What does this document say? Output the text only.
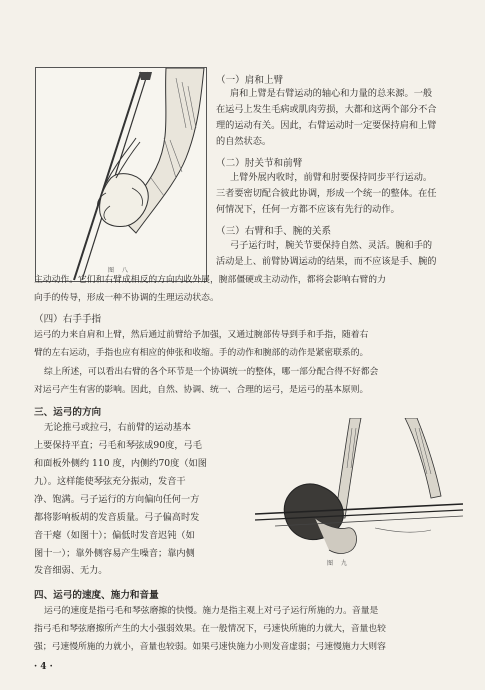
图 八
（一）肩和上臂
肩和上臂是右臂运动的轴心和力量的总来源。一般
在运弓上发生毛病或肌肉劳损，大都和这两个部分不合
理的运动有关。因此，右臂运动时一定要保持肩和上臂
的自然状态。
（二）肘关节和前臂
上臂外展内收时，前臂和肘要保持同步平行运动。
三者要密切配合彼此协调，形成一个统一的整体。在任
何情况下，任何一方都不应该有先行的动作。
（三）右臂和手、腕的关系
弓子运行时，腕关节要保持自然、灵活。腕和手的
活动是上、前臂协调运动的结果，而不应该是手、腕的
主动动作。它们和右臂成相反的方向内收外展，腕部僵硬或主动动作，都将会影响右臂的力
向手的传导，形成一种不协调的生理运动状态。
（四）右手手指
运弓的力来自肩和上臂，然后通过前臂给予加强，又通过腕部传导到手和手指，随着右
臂的左右运动，手指也应有相应的伸张和收缩。手的动作和腕部的动作是紧密联系的。
综上所述，可以看出右臂的各个环节是一个协调统一的整体，哪一部分配合得不好都会
对运弓产生有害的影响。因此，自然、协调、统一、合理的运弓，是运弓的基本原则。
三、运弓的方向
无论推弓或拉弓，右前臂的运动基本
上要保持平直；弓毛和琴弦成90度，弓毛
和面板外侧约 110 度，内侧约70度（如图
九）。这样能使琴弦充分振动，发音干
净、饱满。弓子运行的方向偏向任何一方
都将影响板胡的发音质量。弓子偏高时发
音干瘪（如图十）；偏低时发音迟钝（如
图十一）；靠外侧容易产生噪音；靠内侧
发音细弱、无力。
图 九
四、运弓的速度、施力和音量
运弓的速度是指弓毛和琴弦磨擦的快慢。施力是指主观上对弓子运行所施的力。音量是
指弓毛和琴弦磨擦所产生的大小强弱效果。在一般情况下，弓速快所施的力就大，音量也较
强；弓速慢所施的力就小，音量也较弱。如果弓速快施力小则发音虚弱；弓速慢施力大则容
· 4 ·
